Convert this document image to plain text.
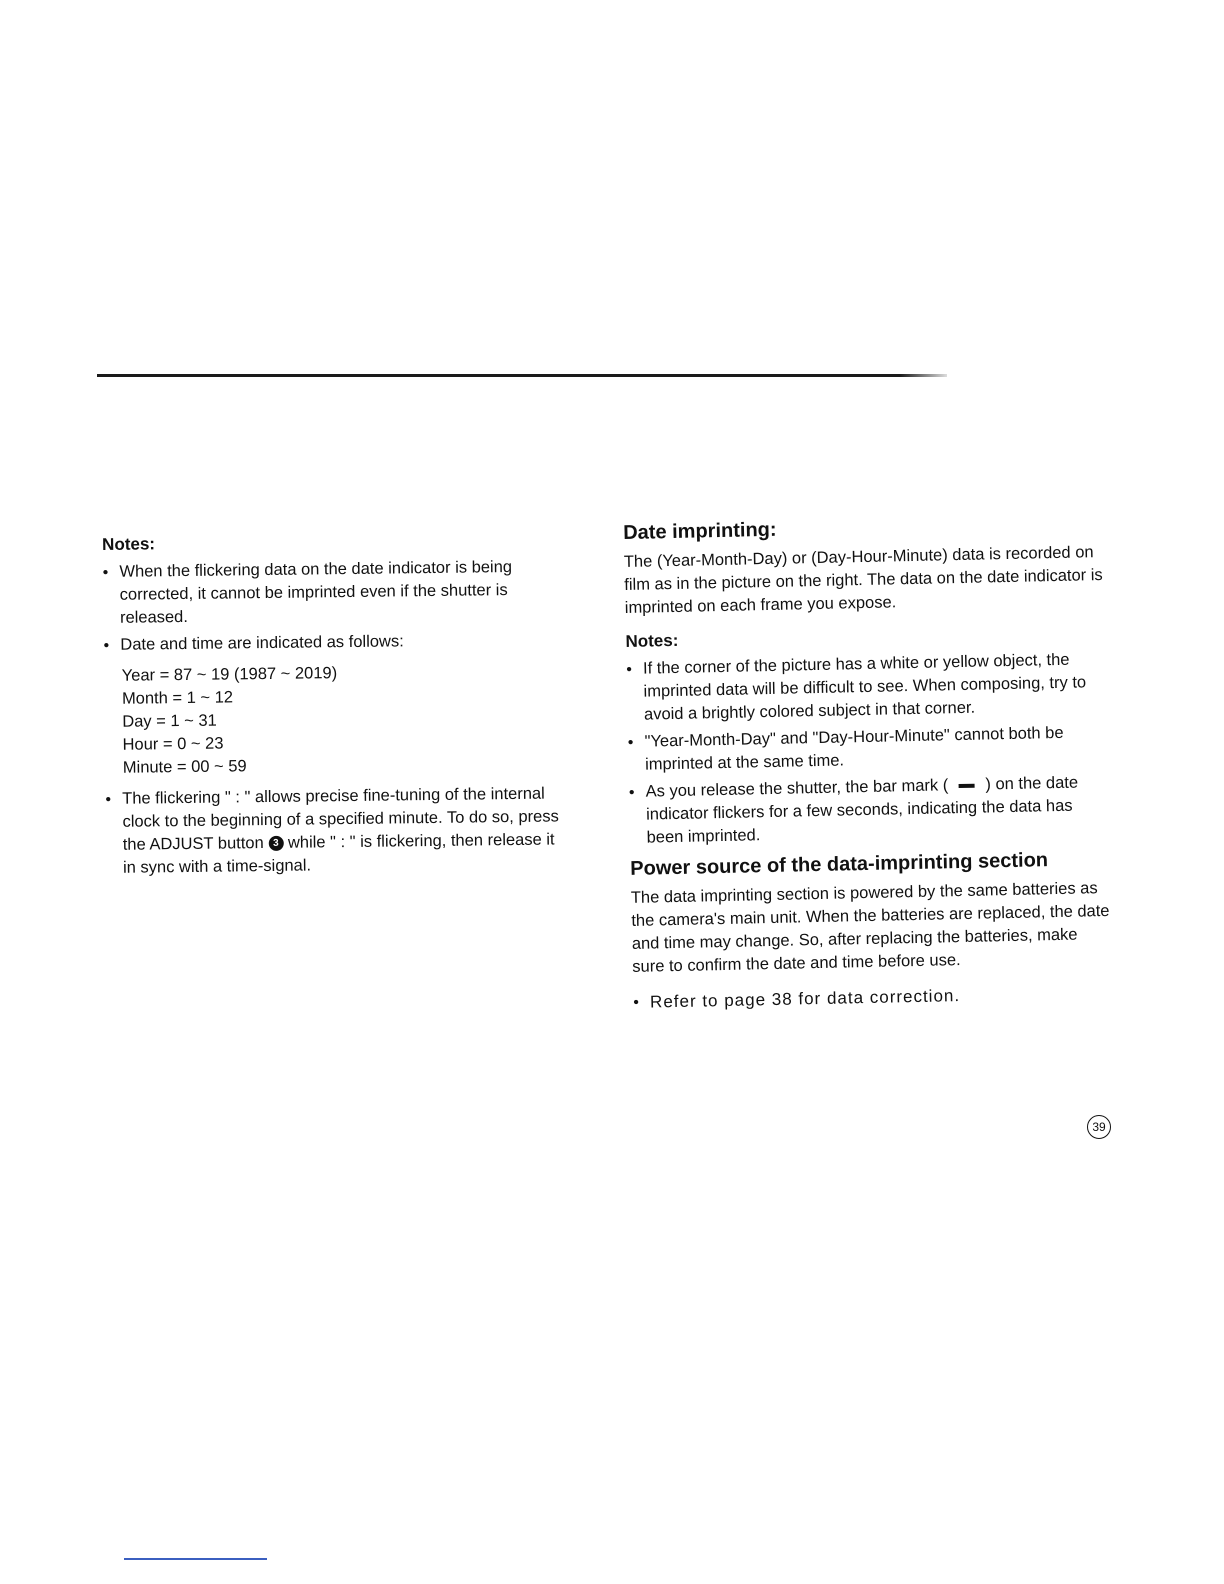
Notes:
● When the flickering data on the date indicator is being corrected, it cannot be imprinted even if the shutter is released.
● Date and time are indicated as follows:
Year = 87 ~ 19 (1987 ~ 2019)
Month = 1 ~ 12
Day = 1 ~ 31
Hour = 0 ~ 23
Minute = 00 ~ 59
● The flickering " : " allows precise fine-tuning of the internal clock to the beginning of a specified minute. To do so, press the ADJUST button 3 while " : " is flickering, then release it in sync with a time-signal.
Date imprinting:
The (Year-Month-Day) or (Day-Hour-Minute) data is recorded on film as in the picture on the right. The data on the date indicator is imprinted on each frame you expose.
Notes:
● If the corner of the picture has a white or yellow object, the imprinted data will be difficult to see. When composing, try to avoid a brightly colored subject in that corner.
● "Year-Month-Day" and "Day-Hour-Minute" cannot both be imprinted at the same time.
● As you release the shutter, the bar mark ( ) on the date indicator flickers for a few seconds, indicating the data has been imprinted.
Power source of the data-imprinting section
The data imprinting section is powered by the same batteries as the camera's main unit. When the batteries are replaced, the date and time may change. So, after replacing the batteries, make sure to confirm the date and time before use.
● Refer to page 38 for data correction.
39
